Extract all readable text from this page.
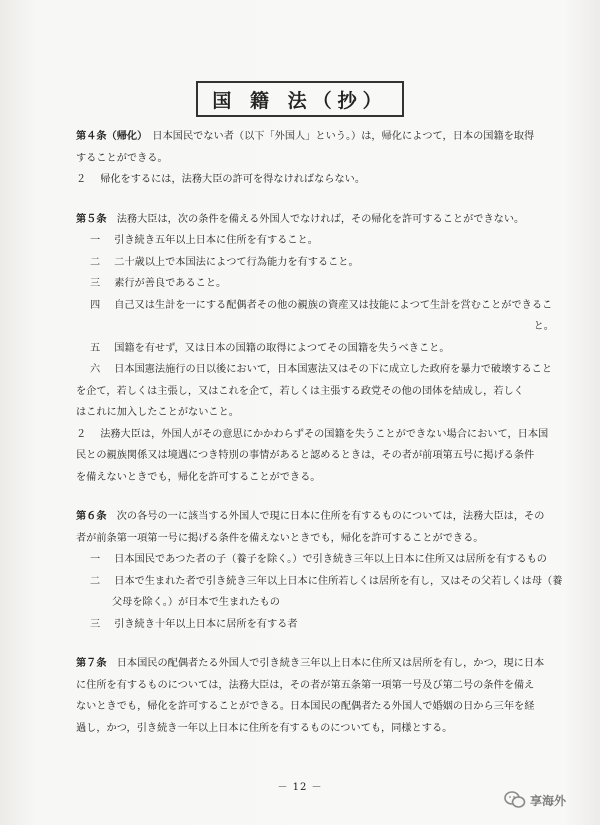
国 籍 法（抄）
第４条（帰化）　 日本国民でない者（以下「外国人」という。）は，帰化によつて，日本の国籍を取得
することができる。
２　 帰化をするには，法務大臣の許可を得なければならない。
第５条　 法務大臣は，次の条件を備える外国人でなければ，その帰化を許可することができない。
一　 引き続き五年以上日本に住所を有すること。
二　 二十歳以上で本国法によつて行為能力を有すること。
三　 素行が善良であること。
四　 自己又は生計を一にする配偶者その他の親族の資産又は技能によつて生計を営むことができるこ
と。
五　 国籍を有せず，又は日本の国籍の取得によつてその国籍を失うべきこと。
六　 日本国憲法施行の日以後において，日本国憲法又はその下に成立した政府を暴力で破壊すること
を企て，若しくは主張し，又はこれを企て，若しくは主張する政党その他の団体を結成し，若しく
はこれに加入したことがないこと。
２　 法務大臣は，外国人がその意思にかかわらずその国籍を失うことができない場合において，日本国
民との親族関係又は境遇につき特別の事情があると認めるときは，その者が前項第五号に掲げる条件
を備えないときでも，帰化を許可することができる。
第６条　 次の各号の一に該当する外国人で現に日本に住所を有するものについては，法務大臣は，その
者が前条第一項第一号に掲げる条件を備えないときでも，帰化を許可することができる。
一　 日本国民であつた者の子（養子を除く。）で引き続き三年以上日本に住所又は居所を有するもの
二　 日本で生まれた者で引き続き三年以上日本に住所若しくは居所を有し，又はその父若しくは母（養
父母を除く。）が日本で生まれたもの
三　 引き続き十年以上日本に居所を有する者
第７条　 日本国民の配偶者たる外国人で引き続き三年以上日本に住所又は居所を有し，かつ，現に日本
に住所を有するものについては，法務大臣は，その者が第五条第一項第一号及び第二号の条件を備え
ないときでも，帰化を許可することができる。日本国民の配偶者たる外国人で婚姻の日から三年を経
過し，かつ，引き続き一年以上日本に住所を有するものについても，同様とする。
－ 12 －
享海外
